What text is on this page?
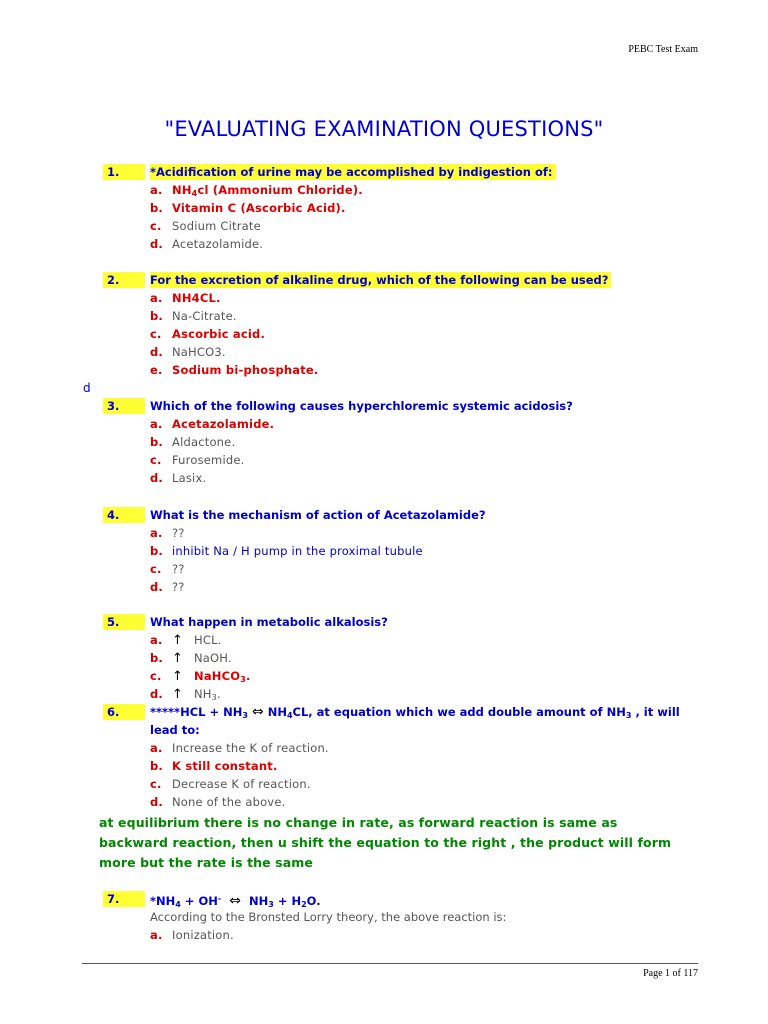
PEBC Test Exam
"EVALUATING EXAMINATION QUESTIONS"
1.	*Acidification of urine may be accomplished by indigestion of:
a. $NH_4cl$ (Ammonium Chloride).
b. Vitamin C (Ascorbic Acid).
c. Sodium Citrate
d. Acetazolamide.
2.	For the excretion of alkaline drug, which of the following can be used?
a. NH4CL.
b. Na-Citrate.
c. Ascorbic acid.
d. NaHCO3.
e. Sodium bi-phosphate.
d
3.	Which of the following causes hyperchloremic systemic acidosis?
a. Acetazolamide.
b. Aldactone.
c. Furosemide.
d. Lasix.
4.	What is the mechanism of action of Acetazolamide?
a. ??
b. inhibit Na / H pump in the proximal tubule
c. ??
d. ??
5.	What happen in metabolic alkalosis?
a. ↑ HCL.
b. ↑ NaOH.
c. ↑ NaHCO$_3$.
d. ↑ $NH_3$.
6.	$*****HCL + NH_3$ ⇔ $NH_4CL$, at equation which we add double amount of $NH_3$ , it will
lead to:
a. Increase the K of reaction.
b. K still constant.
c. Decrease K of reaction.
d. None of the above.
at equilibrium there is no change in rate, as forward reaction is same as backward reaction, then u shift the equation to the right , the product will form more but the rate is the same
7.	$*NH_4 + OH^-$ ⇔ $NH_3 + H_2O$.
According to the Bronsted Lorry theory, the above reaction is:
a. Ionization.
Page 1 of 117
